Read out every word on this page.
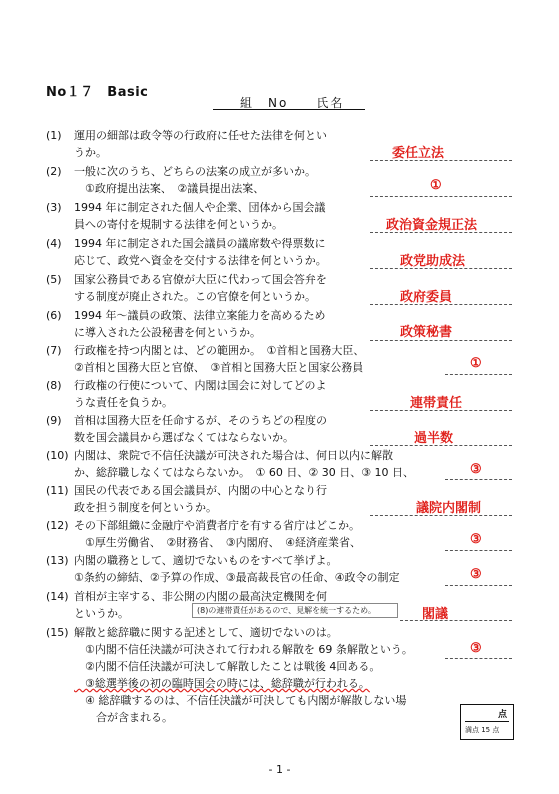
No１７　Basic
組　No　　氏名
(1)	運用の細部は政令等の行政府に任せた法律を何とい
うか。	委任立法
(2)	一般に次のうち、どちらの法案の成立が多いか。
　①政府提出法案、　②議員提出法案、	①
(3)	1994 年に制定された個人や企業、団体から国会議
員への寄付を規制する法律を何というか。	政治資金規正法
(4)	1994 年に制定された国会議員の議席数や得票数に
応じて、政党へ資金を交付する法律を何というか。	政党助成法
(5)	国家公務員である官僚が大臣に代わって国会答弁を
する制度が廃止された。この官僚を何というか。	政府委員
(6)	1994 年～議員の政策、法律立案能力を高めるため
に導入された公設秘書を何というか。	政策秘書
(7)	行政権を持つ内閣とは、どの範囲か。　①首相と国務大臣、
②首相と国務大臣と官僚、　③首相と国務大臣と国家公務員	①
(8)	行政権の行使について、内閣は国会に対してどのよ
うな責任を負うか。	連帯責任
(9)	首相は国務大臣を任命するが、そのうちどの程度の
数を国会議員から選ばなくてはならないか。	過半数
(10) 内閣は、衆院で不信任決議が可決された場合は、何日以内に解散
か、総辞職しなくてはならないか。　① 60 日、② 30 日、③ 10 日、	③
(11) 国民の代表である国会議員が、内閣の中心となり行
政を担う制度を何というか。	議院内閣制
(12) その下部組織に金融庁や消費者庁を有する省庁はどこか。
　①厚生労働省、　②財務省、　③内閣府、　④経済産業省、	③
(13) 内閣の職務として、適切でないものをすべて挙げよ。
①条約の締結、②予算の作成、③最高裁長官の任命、④政令の制定	③
(14) 首相が主宰する、非公開の内閣の最高決定機関を何
というか。	(8)の連帯責任があるので、見解を統一するため。	閣議
(15) 解散と総辞職に関する記述として、適切でないのは。
　①内閣不信任決議が可決されて行われる解散を 69 条解散という。
　②内閣不信任決議が可決して解散したことは戦後 4回ある。
　③総選挙後の初の臨時国会の時には、総辞職が行われる。
　④ 総辞職するのは、不信任決議が可決しても内閣が解散しない場
　　合が含まれる。
③
点
満点 15 点
- 1 -
